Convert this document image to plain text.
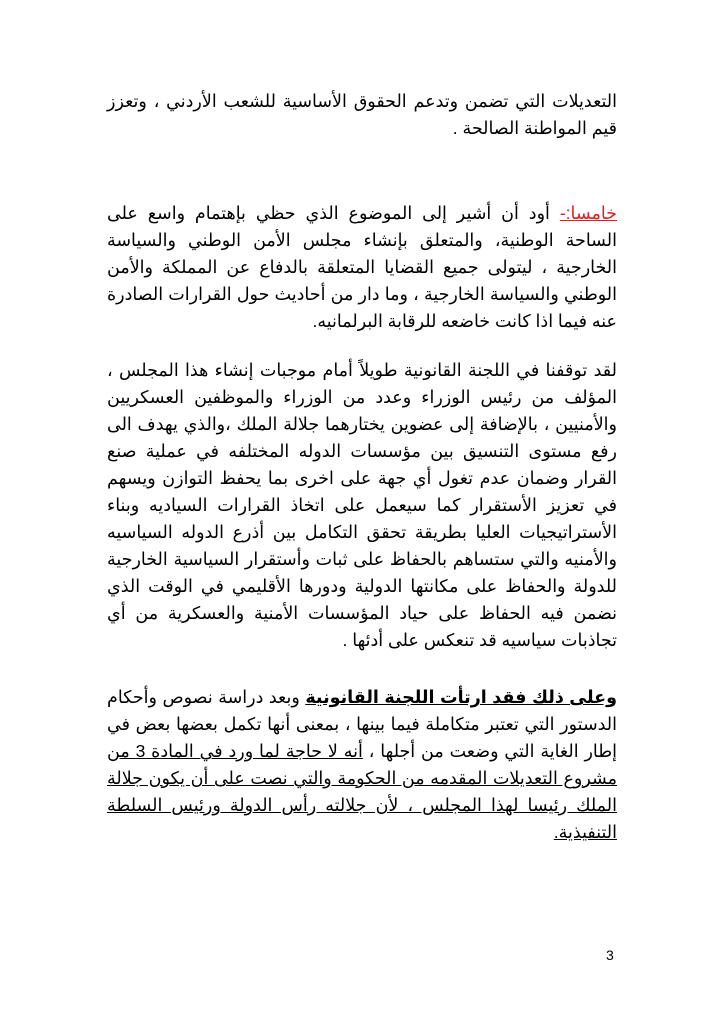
التعديلات التي تضمن وتدعم الحقوق الأساسية للشعب الأردني ، وتعزز قيم المواطنة الصالحة .

خامسا:- أود أن أشير إلى الموضوع الذي حظي بإهتمام واسع على الساحة الوطنية، والمتعلق بإنشاء مجلس الأمن الوطني والسياسة الخارجية ، ليتولى جميع القضايا المتعلقة بالدفاع عن المملكة والأمن الوطني والسياسة الخارجية ، وما دار من أحاديث حول القرارات الصادرة عنه فيما اذا كانت خاضعه للرقابة البرلمانيه.

لقد توقفنا في اللجنة القانونية طويلاً أمام موجبات إنشاء هذا المجلس ، المؤلف من رئيس الوزراء وعدد من الوزراء والموظفين العسكريين والأمنيين ، بالإضافة إلى عضوين يختارهما جلالة الملك ،والذي يهدف الى رفع مستوى التنسيق بين مؤسسات الدوله المختلفه في عملية صنع القرار وضمان عدم تغول أي جهة على اخرى بما يحفظ التوازن ويسهم في تعزيز الأستقرار كما سيعمل على اتخاذ القرارات السياديه وبناء الأستراتيجيات العليا بطريقة تحقق التكامل بين أذرع الدوله السياسيه والأمنيه والتي ستساهم بالحفاظ على ثبات وأستقرار السياسية الخارجية للدولة والحفاظ على مكانتها الدولية ودورها الأقليمي في الوقت الذي نضمن فيه الحفاظ على حياد المؤسسات الأمنية والعسكرية من أي تجاذبات سياسيه قد تنعكس على أدئها .

وعلى ذلك فقد ارتأت اللجنة القانونية وبعد دراسة نصوص وأحكام الدستور التي تعتبر متكاملة فيما بينها ، بمعنى أنها تكمل بعضها بعض في إطار الغاية التي وضعت من أجلها ، أنه لا حاجة لما ورد في المادة 3 من مشروع التعديلات المقدمه من الحكومة والتي نصت على أن يكون جلالة الملك رئيسا لهذا المجلس ، لأن جلالته رأس الدولة ورئيس السلطة التنفيذية.

3
